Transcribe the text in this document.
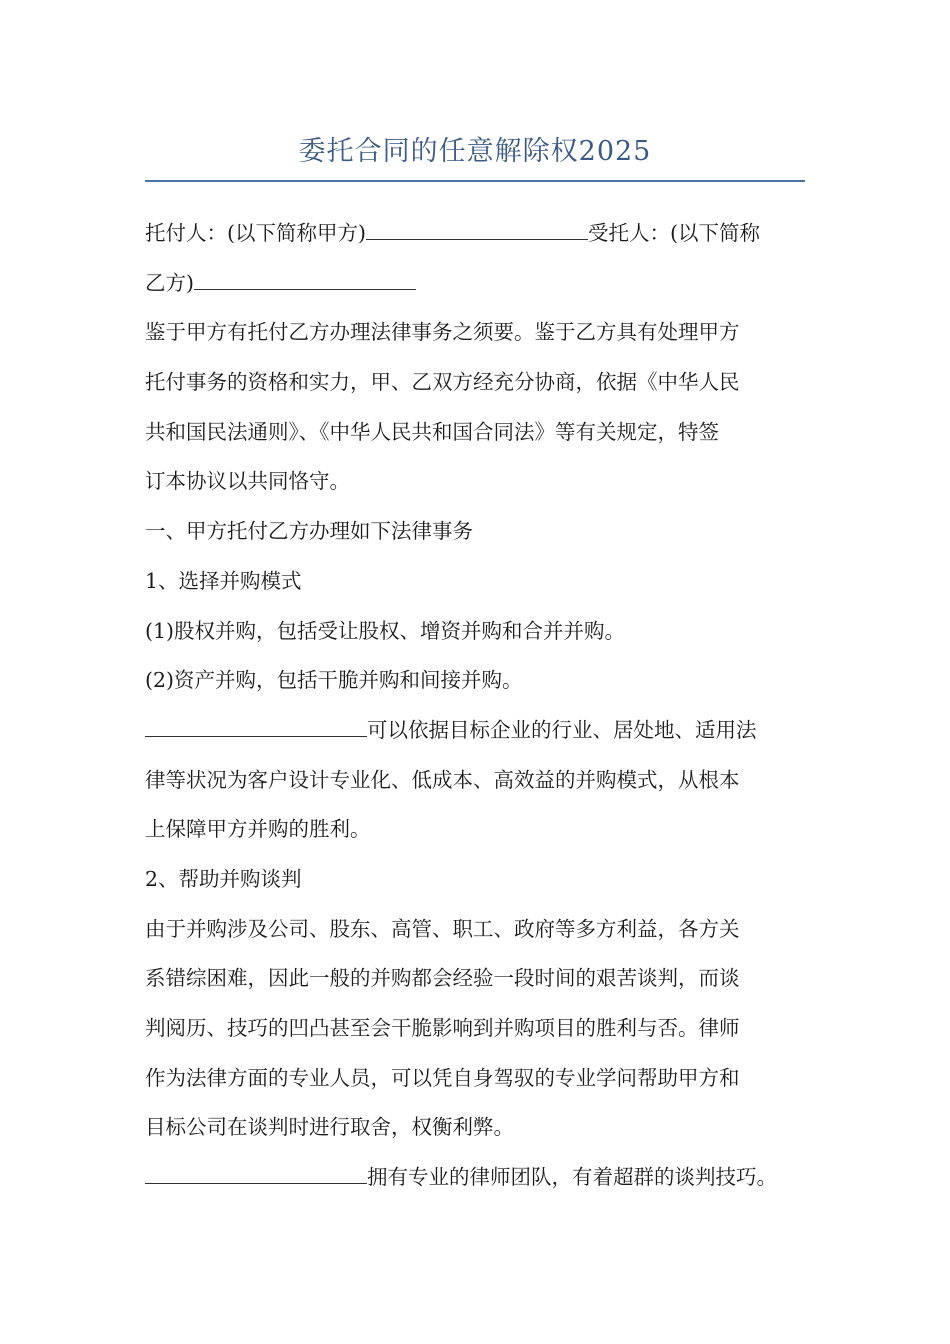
委托合同的任意解除权2025
托付人：(以下简称甲方)	受托人：(以下简称
乙方)
鉴于甲方有托付乙方办理法律事务之须要。鉴于乙方具有处理甲方
托付事务的资格和实力，甲、乙双方经充分协商，依据《中华人民
共和国民法通则》、《中华人民共和国合同法》等有关规定，特签
订本协议以共同恪守。
一、甲方托付乙方办理如下法律事务
1、选择并购模式
(1)股权并购，包括受让股权、增资并购和合并并购。
(2)资产并购，包括干脆并购和间接并购。
可以依据目标企业的行业、居处地、适用法
律等状况为客户设计专业化、低成本、高效益的并购模式，从根本
上保障甲方并购的胜利。
2、帮助并购谈判
由于并购涉及公司、股东、高管、职工、政府等多方利益，各方关
系错综困难，因此一般的并购都会经验一段时间的艰苦谈判，而谈
判阅历、技巧的凹凸甚至会干脆影响到并购项目的胜利与否。律师
作为法律方面的专业人员，可以凭自身驾驭的专业学问帮助甲方和
目标公司在谈判时进行取舍，权衡利弊。
拥有专业的律师团队，有着超群的谈判技巧。
